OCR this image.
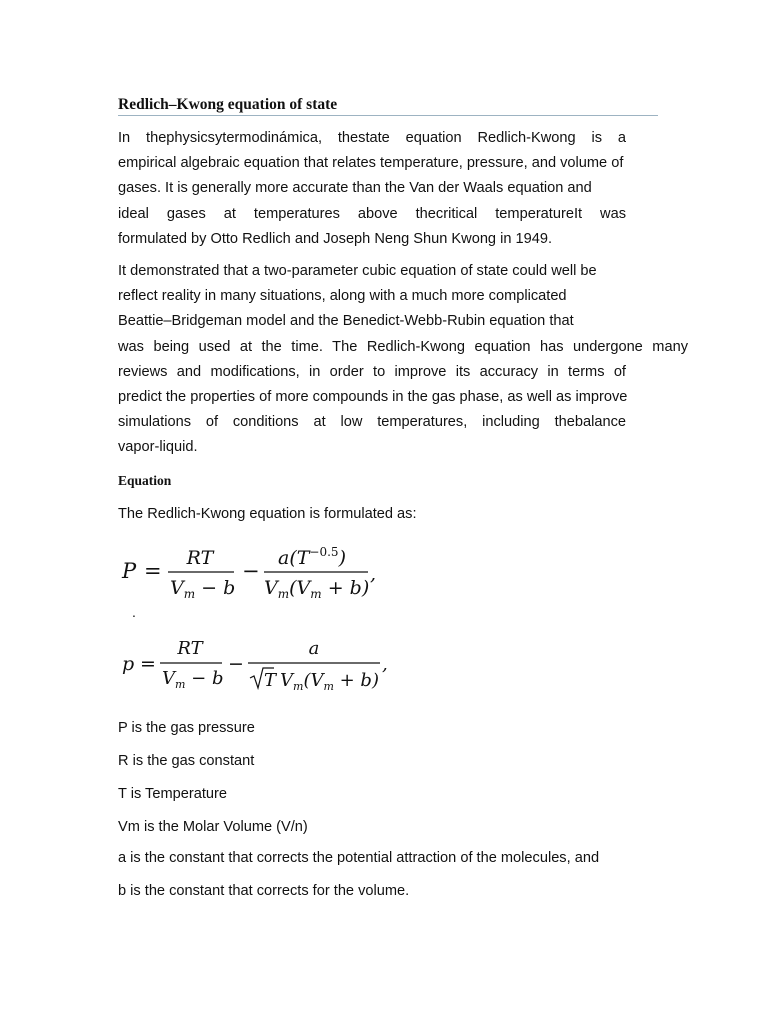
Redlich–Kwong equation of state
In thephysicsytermodinámica, thestate equation Redlich-Kwong is a
empirical algebraic equation that relates temperature, pressure, and volume of
gases. It is generally more accurate than the Van der Waals equation and
ideal gases at temperatures above thecritical temperatureIt was
formulated by Otto Redlich and Joseph Neng Shun Kwong in 1949.
It demonstrated that a two-parameter cubic equation of state could well be
reflect reality in many situations, along with a much more complicated
Beattie–Bridgeman model and the Benedict-Webb-Rubin equation that
was being used at the time. The Redlich-Kwong equation has undergone many
reviews and modifications, in order to improve its accuracy in terms of
predict the properties of more compounds in the gas phase, as well as improve
simulations of conditions at low temperatures, including thebalance
vapor-liquid.
Equation
The Redlich-Kwong equation is formulated as:
P =
RT
$V_m - b$
−
$a(T^{-0.5})$
$V_m(V_m + b)$
,
.
p =
RT
$V_m - b$
−
a
T $V_m(V_m + b)$
,
P is the gas pressure
R is the gas constant
T is Temperature
Vm is the Molar Volume (V/n)
a is the constant that corrects the potential attraction of the molecules, and
b is the constant that corrects for the volume.
